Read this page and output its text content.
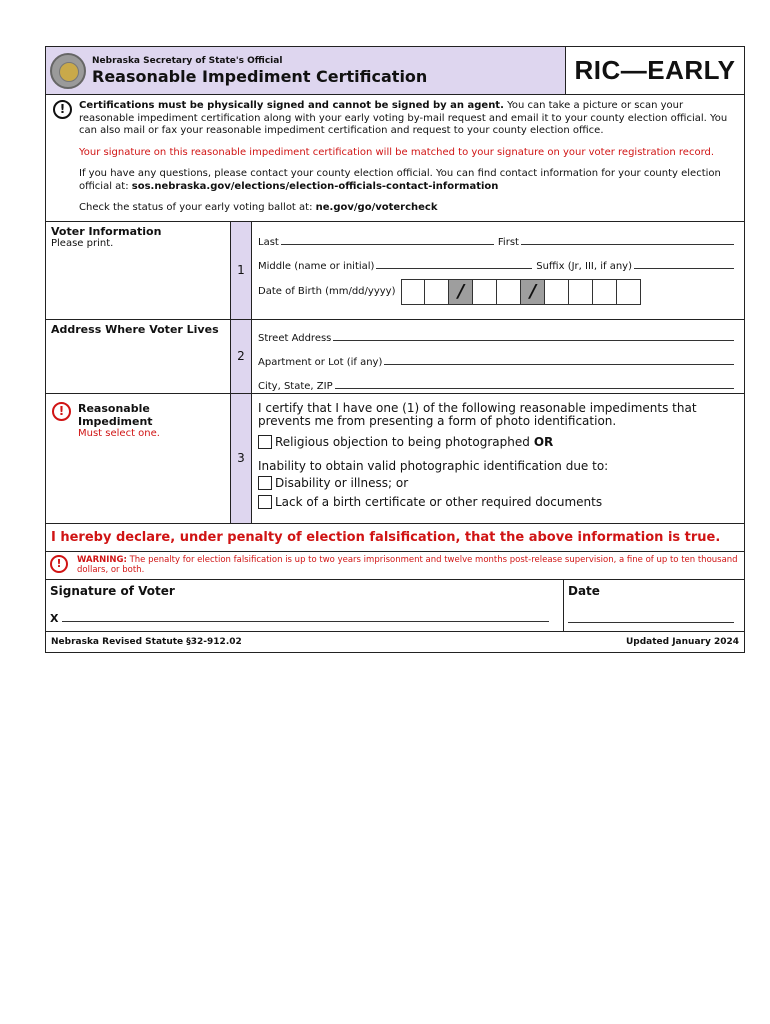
Nebraska Secretary of State's Official
Reasonable Impediment Certification	RIC—EARLY
!	Certifications must be physically signed and cannot be signed by an agent. You can take a picture or scan your reasonable impediment certification along with your early voting by-mail request and email it to your county election official. You can also mail or fax your reasonable impediment certification and request to your county election office.

Your signature on this reasonable impediment certification will be matched to your signature on your voter registration record.

If you have any questions, please contact your county election official. You can find contact information for your county election official at: sos.nebraska.gov/elections/election-officials-contact-information

Check the status of your early voting ballot at: ne.gov/go/votercheck

Voter Information
Please print.
1
Last	First
Middle (name or initial)	Suffix (Jr, III, if any)
Date of Birth (mm/dd/yyyy)	/	/
Address Where Voter Lives
2
Street Address
Apartment or Lot (if any)
City, State, ZIP
!	Reasonable Impediment
Must select one.
3
I certify that I have one (1) of the following reasonable impediments that prevents me from presenting a form of photo identification.
Religious objection to being photographed OR
Inability to obtain valid photographic identification due to:
Disability or illness; or
Lack of a birth certificate or other required documents
I hereby declare, under penalty of election falsification, that the above information is true.
!	WARNING: The penalty for election falsification is up to two years imprisonment and twelve months post-release supervision, a fine of up to ten thousand dollars, or both.
Signature of Voter
X
Date
Nebraska Revised Statute §32-912.02	Updated January 2024
